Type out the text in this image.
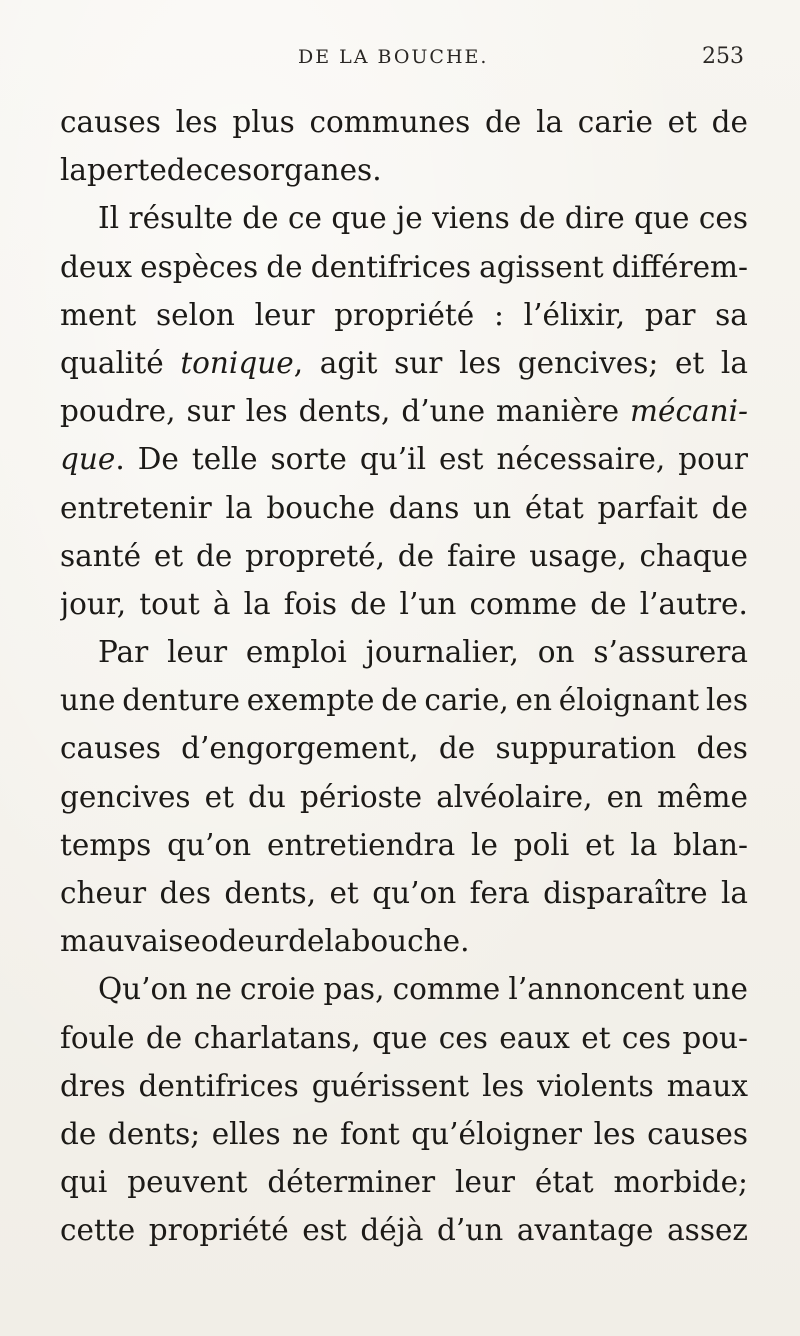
DE LA BOUCHE.	253
causes les plus communes de la carie et de
la perte de ces organes.
Il résulte de ce que je viens de dire que ces
deux espèces de dentifrices agissent différem-
ment selon leur propriété : l’élixir, par sa
qualité tonique, agit sur les gencives; et la
poudre, sur les dents, d’une manière mécani-
que. De telle sorte qu’il est nécessaire, pour
entretenir la bouche dans un état parfait de
santé et de propreté, de faire usage, chaque
jour, tout à la fois de l’un comme de l’autre.
Par leur emploi journalier, on s’assurera
une denture exempte de carie, en éloignant les
causes d’engorgement, de suppuration des
gencives et du périoste alvéolaire, en même
temps qu’on entretiendra le poli et la blan-
cheur des dents, et qu’on fera disparaître la
mauvaise odeur de la bouche.
Qu’on ne croie pas, comme l’annoncent une
foule de charlatans, que ces eaux et ces pou-
dres dentifrices guérissent les violents maux
de dents; elles ne font qu’éloigner les causes
qui peuvent déterminer leur état morbide;
cette propriété est déjà d’un avantage assez
